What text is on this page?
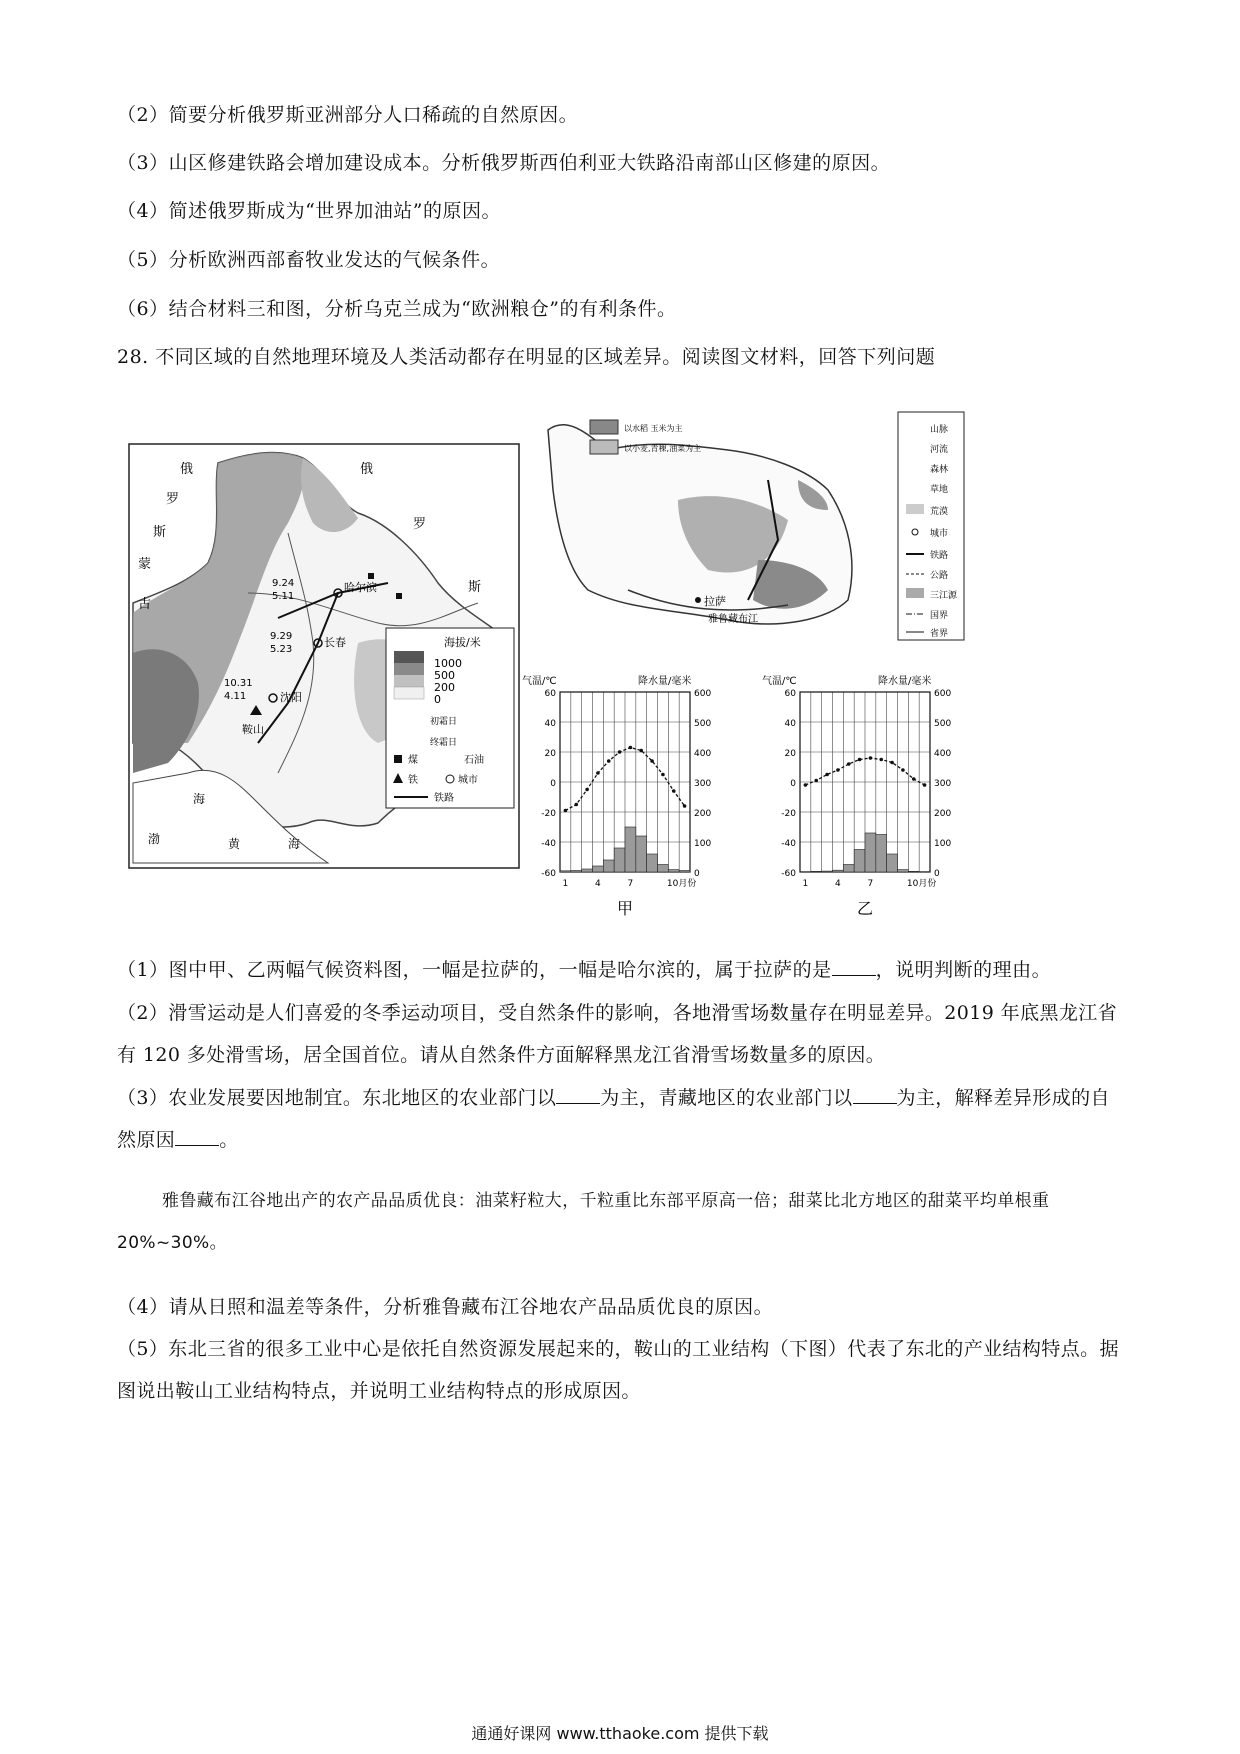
（2）简要分析俄罗斯亚洲部分人口稀疏的自然原因。
（3）山区修建铁路会增加建设成本。分析俄罗斯西伯利亚大铁路沿南部山区修建的原因。
（4）简述俄罗斯成为“世界加油站”的原因。
（5）分析欧洲西部畜牧业发达的气候条件。
（6）结合材料三和图，分析乌克兰成为“欧洲粮仓”的有利条件。
28. 不同区域的自然地理环境及人类活动都存在明显的区域差异。阅读图文材料，回答下列问题
俄
罗
斯
蒙
古
俄
罗
斯
哈尔滨
长春
沈阳
鞍山
渤
海
黄	海
9.24
5.11
9.29
5.23
10.31
4.11
海拔/米
1000
500
200
0
初霜日
终霜日
煤	石油
铁	城市
铁路
拉萨
雅鲁藏布江
以水稻 玉米为主
以小麦,青稞,油菜为主
山脉
河流
森林
草地
荒漠
城市
铁路
公路
三江源
国界
省界
气温/℃	降水量/毫米
60
40
20
0
-20
-40
-60
600
500
400
300
200
100
0
1	4	7	10月份
甲
气温/℃	降水量/毫米
60
40
20
0
-20
-40
-60
600
500
400
300
200
100
0
1	4	7	10月份
乙
（1）图中甲、乙两幅气候资料图，一幅是拉萨的，一幅是哈尔滨的，属于拉萨的是 ，说明判断的理由。
（2）滑雪运动是人们喜爱的冬季运动项目，受自然条件的影响，各地滑雪场数量存在明显差异。2019 年底黑龙江省有 120 多处滑雪场，居全国首位。请从自然条件方面解释黑龙江省滑雪场数量多的原因。
（3）农业发展要因地制宜。东北地区的农业部门以 为主，青藏地区的农业部门以 为主，解释差异形成的自然原因 。
雅鲁藏布江谷地出产的农产品品质优良：油菜籽粒大，千粒重比东部平原高一倍；甜菜比北方地区的甜菜平均单根重 20%~30%。
（4）请从日照和温差等条件，分析雅鲁藏布江谷地农产品品质优良的原因。
（5）东北三省的很多工业中心是依托自然资源发展起来的，鞍山的工业结构（下图）代表了东北的产业结构特点。据图说出鞍山工业结构特点，并说明工业结构特点的形成原因。
通通好课网 www.tthaoke.com 提供下载
